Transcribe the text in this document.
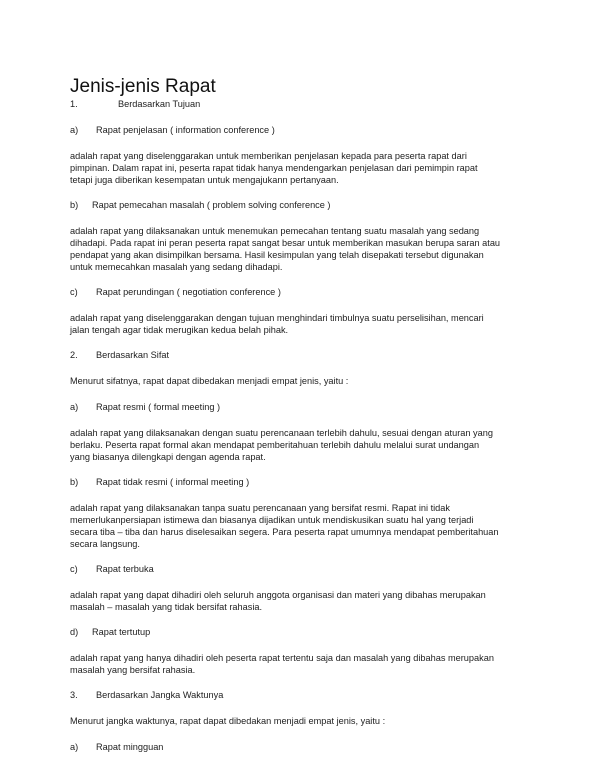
Jenis-jenis Rapat
1.	Berdasarkan Tujuan
a) Rapat penjelasan ( information conference )
adalah rapat yang diselenggarakan untuk memberikan penjelasan kepada para peserta rapat dari
pimpinan. Dalam rapat ini, peserta rapat tidak hanya mendengarkan penjelasan dari pemimpin rapat
tetapi juga diberikan kesempatan untuk mengajukann pertanyaan.
b) Rapat pemecahan masalah ( problem solving conference )
adalah rapat yang dilaksanakan untuk menemukan pemecahan tentang suatu masalah yang sedang
dihadapi. Pada rapat ini peran peserta rapat sangat besar untuk memberikan masukan berupa saran atau
pendapat yang akan disimpilkan bersama. Hasil kesimpulan yang telah disepakati tersebut digunakan
untuk memecahkan masalah yang sedang dihadapi.
c) Rapat perundingan ( negotiation conference )
adalah rapat yang diselenggarakan dengan tujuan menghindari timbulnya suatu perselisihan, mencari
jalan tengah agar tidak merugikan kedua belah pihak.
2. Berdasarkan Sifat
Menurut sifatnya, rapat dapat dibedakan menjadi empat jenis, yaitu :
a) Rapat resmi ( formal meeting )
adalah rapat yang dilaksanakan dengan suatu perencanaan terlebih dahulu, sesuai dengan aturan yang
berlaku. Peserta rapat formal akan mendapat pemberitahuan terlebih dahulu melalui surat undangan
yang biasanya dilengkapi dengan agenda rapat.
b) Rapat tidak resmi ( informal meeting )
adalah rapat yang dilaksanakan tanpa suatu perencanaan yang bersifat resmi. Rapat ini tidak
memerlukanpersiapan istimewa dan biasanya dijadikan untuk mendiskusikan suatu hal yang terjadi
secara tiba – tiba dan harus diselesaikan segera. Para peserta rapat umumnya mendapat pemberitahuan
secara langsung.
c) Rapat terbuka
adalah rapat yang dapat dihadiri oleh seluruh anggota organisasi dan materi yang dibahas merupakan
masalah – masalah yang tidak bersifat rahasia.
d) Rapat tertutup
adalah rapat yang hanya dihadiri oleh peserta rapat tertentu saja dan masalah yang dibahas merupakan
masalah yang bersifat rahasia.
3. Berdasarkan Jangka Waktunya
Menurut jangka waktunya, rapat dapat dibedakan menjadi empat jenis, yaitu :
a) Rapat mingguan
